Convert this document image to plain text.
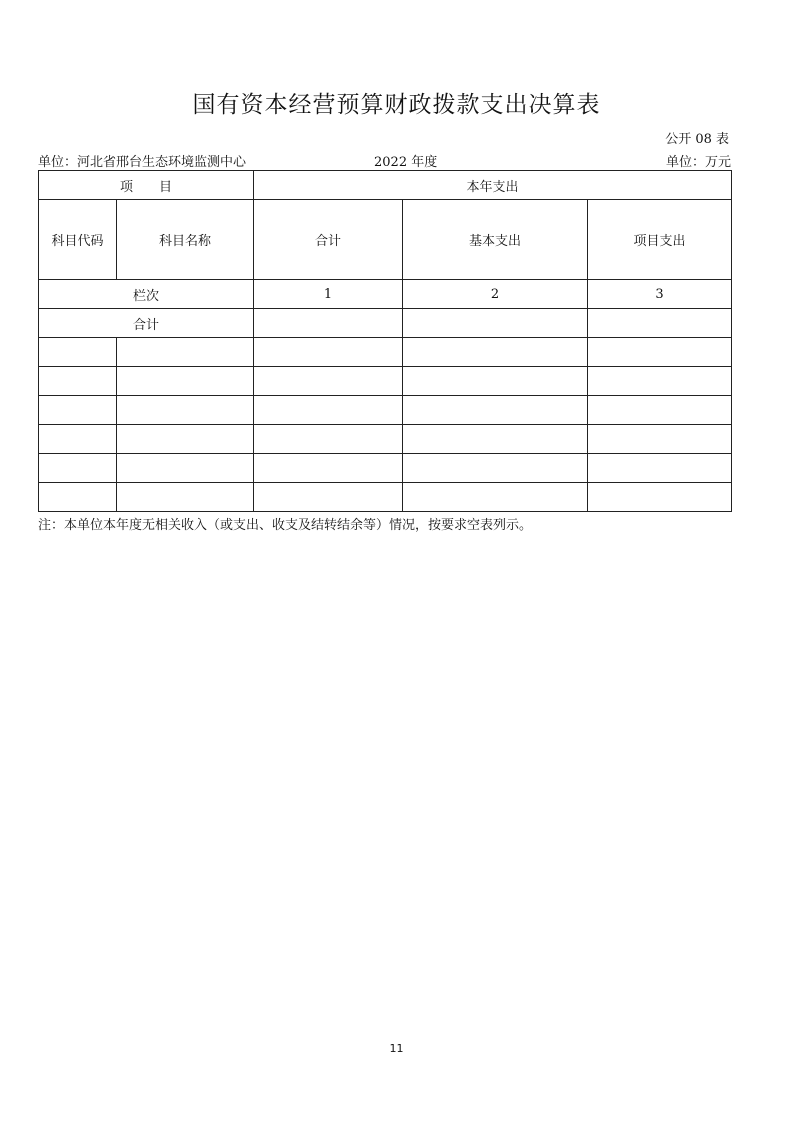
国有资本经营预算财政拨款支出决算表
公开 08 表
单位：河北省邢台生态环境监测中心	2022 年度	单位：万元
项　　目		本年支出		
科目代码	科目名称	合计	基本支出	项目支出
栏次		1	2	3
合计				

注：本单位本年度无相关收入（或支出、收支及结转结余等）情况，按要求空表列示。
11
